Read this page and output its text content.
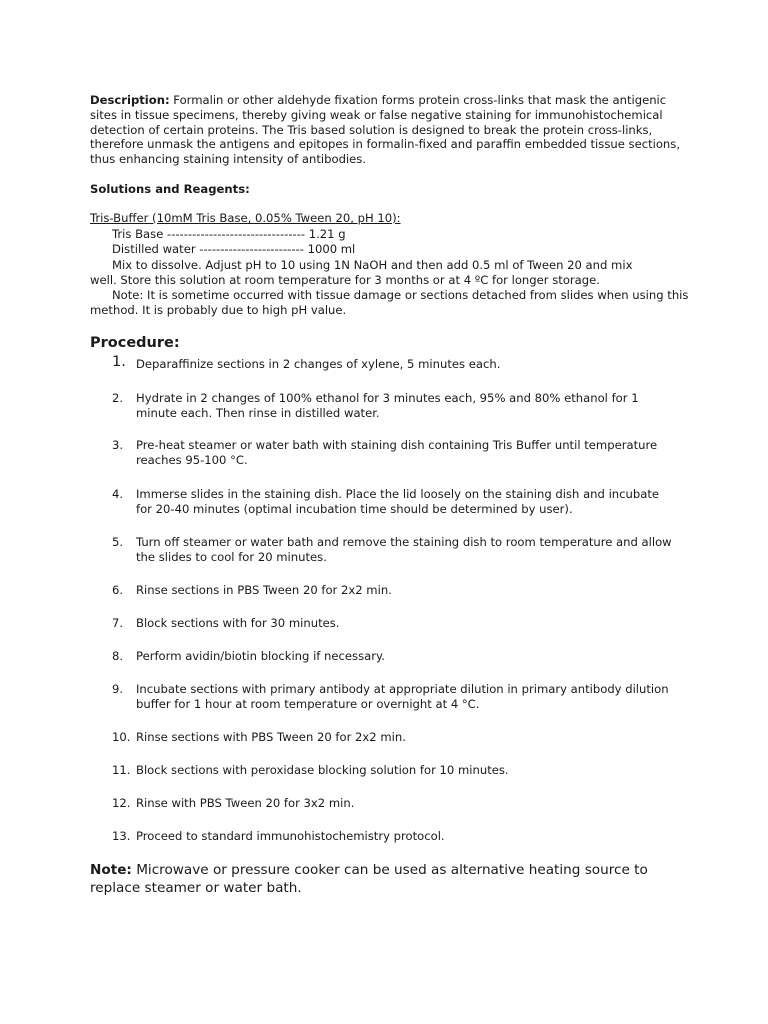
Description: Formalin or other aldehyde fixation forms protein cross-links that mask the antigenic sites in tissue specimens, thereby giving weak or false negative staining for immunohistochemical detection of certain proteins. The Tris based solution is designed to break the protein cross-links, therefore unmask the antigens and epitopes in formalin-fixed and paraffin embedded tissue sections, thus enhancing staining intensity of antibodies.
Solutions and Reagents:
Tris-Buffer (10mM Tris Base, 0.05% Tween 20, pH 10):
Tris Base --------------------------------- 1.21 g
Distilled water ------------------------- 1000 ml
Mix to dissolve. Adjust pH to 10 using 1N NaOH and then add 0.5 ml of Tween 20 and mix
well. Store this solution at room temperature for 3 months or at 4 ºC for longer storage.
Note: It is sometime occurred with tissue damage or sections detached from slides when using this
method. It is probably due to high pH value.
Procedure:
1. Deparaffinize sections in 2 changes of xylene, 5 minutes each.
2.	Hydrate in 2 changes of 100% ethanol for 3 minutes each, 95% and 80% ethanol for 1 minute each. Then rinse in distilled water.
3.	Pre-heat steamer or water bath with staining dish containing Tris Buffer until temperature reaches 95-100 °C.
4.	Immerse slides in the staining dish. Place the lid loosely on the staining dish and incubate for 20-40 minutes (optimal incubation time should be determined by user).
5.	Turn off steamer or water bath and remove the staining dish to room temperature and allow the slides to cool for 20 minutes.
6.	Rinse sections in PBS Tween 20 for 2x2 min.
7.	Block sections with for 30 minutes.
8.	Perform avidin/biotin blocking if necessary.
9.	Incubate sections with primary antibody at appropriate dilution in primary antibody dilution buffer for 1 hour at room temperature or overnight at 4 °C.
10. Rinse sections with PBS Tween 20 for 2x2 min.
11. Block sections with peroxidase blocking solution for 10 minutes.
12. Rinse with PBS Tween 20 for 3x2 min.
13. Proceed to standard immunohistochemistry protocol.
Note: Microwave or pressure cooker can be used as alternative heating source to replace steamer or water bath.
